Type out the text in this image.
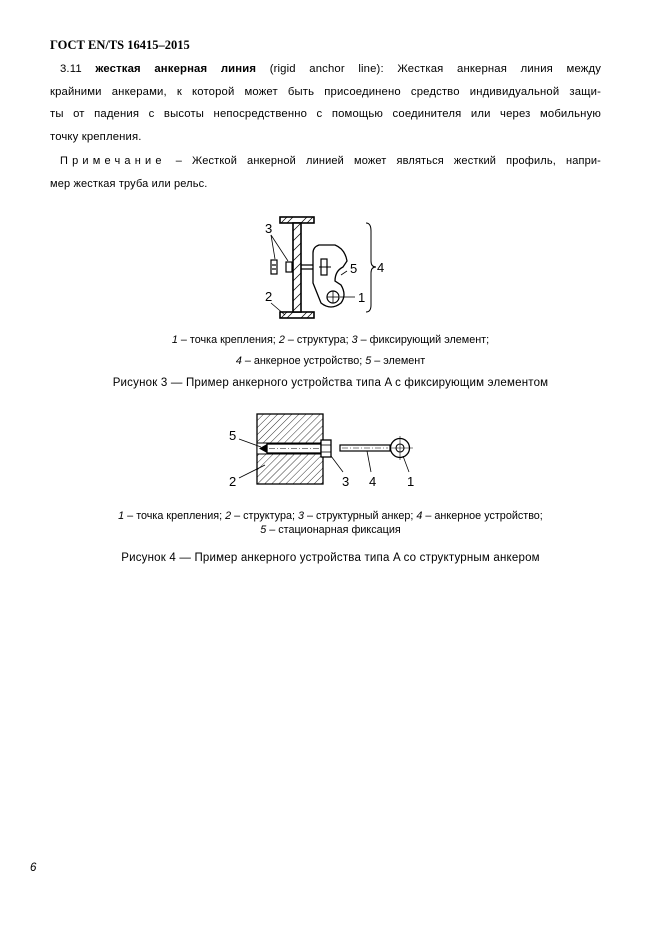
ГОСТ EN/TS 16415–2015
3.11 жесткая анкерная линия (rigid anchor line): Жесткая анкерная линия между
крайними анкерами, к которой может быть присоединено средство индивидуальной защи-
ты от падения с высоты непосредственно с помощью соединителя или через мобильную
точку крепления.
Примечание – Жесткой анкерной линией может являться жесткий профиль, напри-
мер жесткая труба или рельс.
3
5 4
2	1
1 – точка крепления; 2 – структура; 3 – фиксирующий элемент;
4 – анкерное устройство; 5 – элемент
Рисунок 3 — Пример анкерного устройства типа A с фиксирующим элементом
5
2	3 4 1
1 – точка крепления; 2 – структура; 3 – структурный анкер; 4 – анкерное устройство;
5 – стационарная фиксация
Рисунок 4 — Пример анкерного устройства типа A со структурным анкером
6
